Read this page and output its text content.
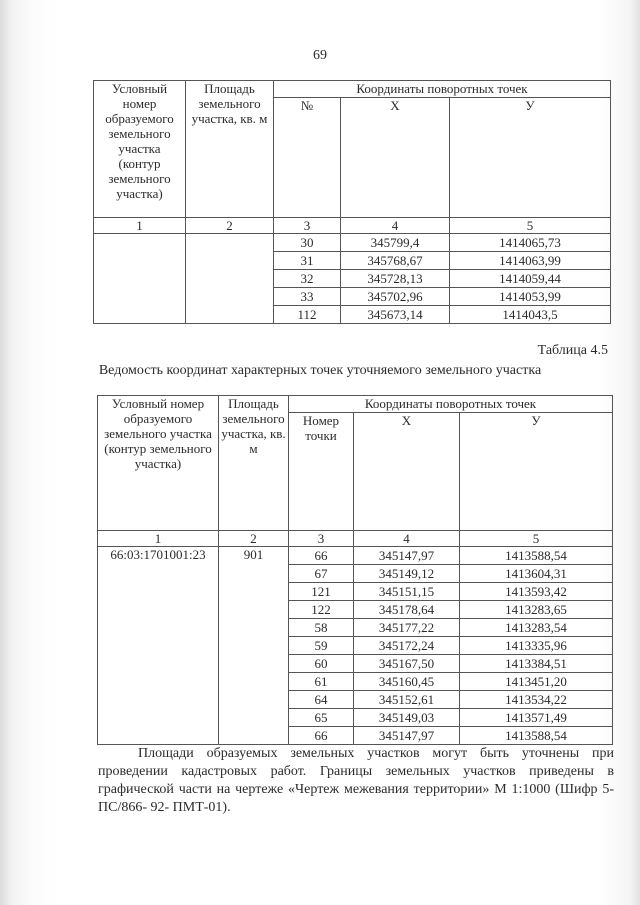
69
Условный номер образуемого земельного участка (контур земельного участка)	Площадь земельного участка, кв. м	Координаты поворотных точек		
		№	Х	У
1	2	3	4	5
		30	345799,4	1414065,73
		31	345768,67	1414063,99
		32	345728,13	1414059,44
		33	345702,96	1414053,99
		112	345673,14	1414043,5
Таблица 4.5
Ведомость координат характерных точек уточняемого земельного участка
Условный номер образуемого земельного участка (контур земельного участка)	Площадь земельного участка, кв. м	Координаты поворотных точек		
		Номер точки	Х	У
1	2	3	4	5
66:03:1701001:23	901	66	345147,97	1413588,54
		67	345149,12	1413604,31
		121	345151,15	1413593,42
		122	345178,64	1413283,65
		58	345177,22	1413283,54
		59	345172,24	1413335,96
		60	345167,50	1413384,51
		61	345160,45	1413451,20
		64	345152,61	1413534,22
		65	345149,03	1413571,49
		66	345147,97	1413588,54

Площади образуемых земельных участков могут быть уточнены при проведении кадастровых работ. Границы земельных участков приведены в графической части на чертеже «Чертеж межевания территории» М 1:1000 (Шифр 5- ПС/866- 92- ПМТ-01).
